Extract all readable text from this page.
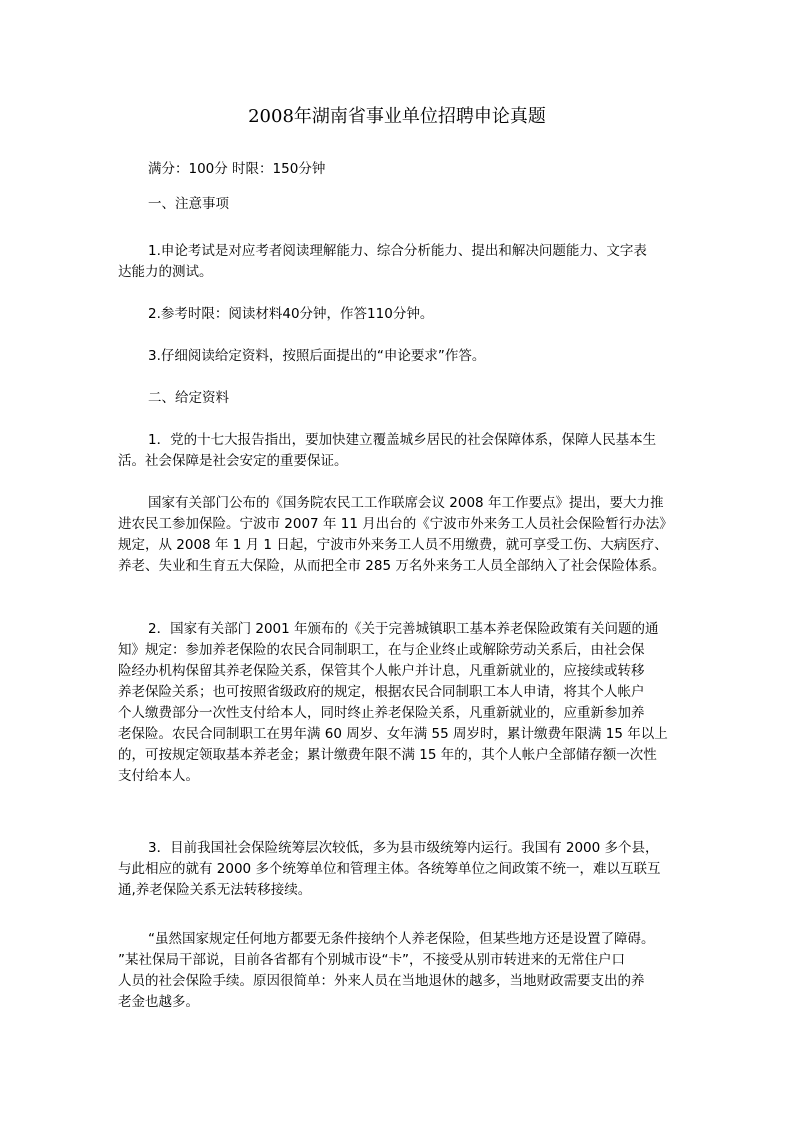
2008年湖南省事业单位招聘申论真题
满分：100分 时限：150分钟
一、注意事项
1.申论考试是对应考者阅读理解能力、综合分析能力、提出和解决问题能力、文字表
达能力的测试。
2.参考时限：阅读材料40分钟，作答110分钟。
3.仔细阅读给定资料，按照后面提出的“申论要求”作答。
二、给定资料
1．党的十七大报告指出，要加快建立覆盖城乡居民的社会保障体系，保障人民基本生
活。社会保障是社会安定的重要保证。
国家有关部门公布的《国务院农民工工作联席会议 2008 年工作要点》提出，要大力推
进农民工参加保险。宁波市 2007 年 11 月出台的《宁波市外来务工人员社会保险暂行办法》
规定，从 2008 年 1 月 1 日起，宁波市外来务工人员不用缴费，就可享受工伤、大病医疗、
养老、失业和生育五大保险，从而把全市 285 万名外来务工人员全部纳入了社会保险体系。
2．国家有关部门 2001 年颁布的《关于完善城镇职工基本养老保险政策有关问题的通
知》规定：参加养老保险的农民合同制职工，在与企业终止或解除劳动关系后，由社会保
险经办机构保留其养老保险关系，保管其个人帐户并计息，凡重新就业的，应接续或转移
养老保险关系；也可按照省级政府的规定，根据农民合同制职工本人申请，将其个人帐户
个人缴费部分一次性支付给本人，同时终止养老保险关系，凡重新就业的，应重新参加养
老保险。农民合同制职工在男年满 60 周岁、女年满 55 周岁时，累计缴费年限满 15 年以上
的，可按规定领取基本养老金；累计缴费年限不满 15 年的，其个人帐户全部储存额一次性
支付给本人。
3．目前我国社会保险统筹层次较低，多为县市级统筹内运行。我国有 2000 多个县，
与此相应的就有 2000 多个统筹单位和管理主体。各统筹单位之间政策不统一，难以互联互
通,养老保险关系无法转移接续。
“虽然国家规定任何地方都要无条件接纳个人养老保险，但某些地方还是设置了障碍。
”某社保局干部说，目前各省都有个别城市设“卡”，不接受从别市转进来的无常住户口
人员的社会保险手续。原因很简单：外来人员在当地退休的越多，当地财政需要支出的养
老金也越多。
